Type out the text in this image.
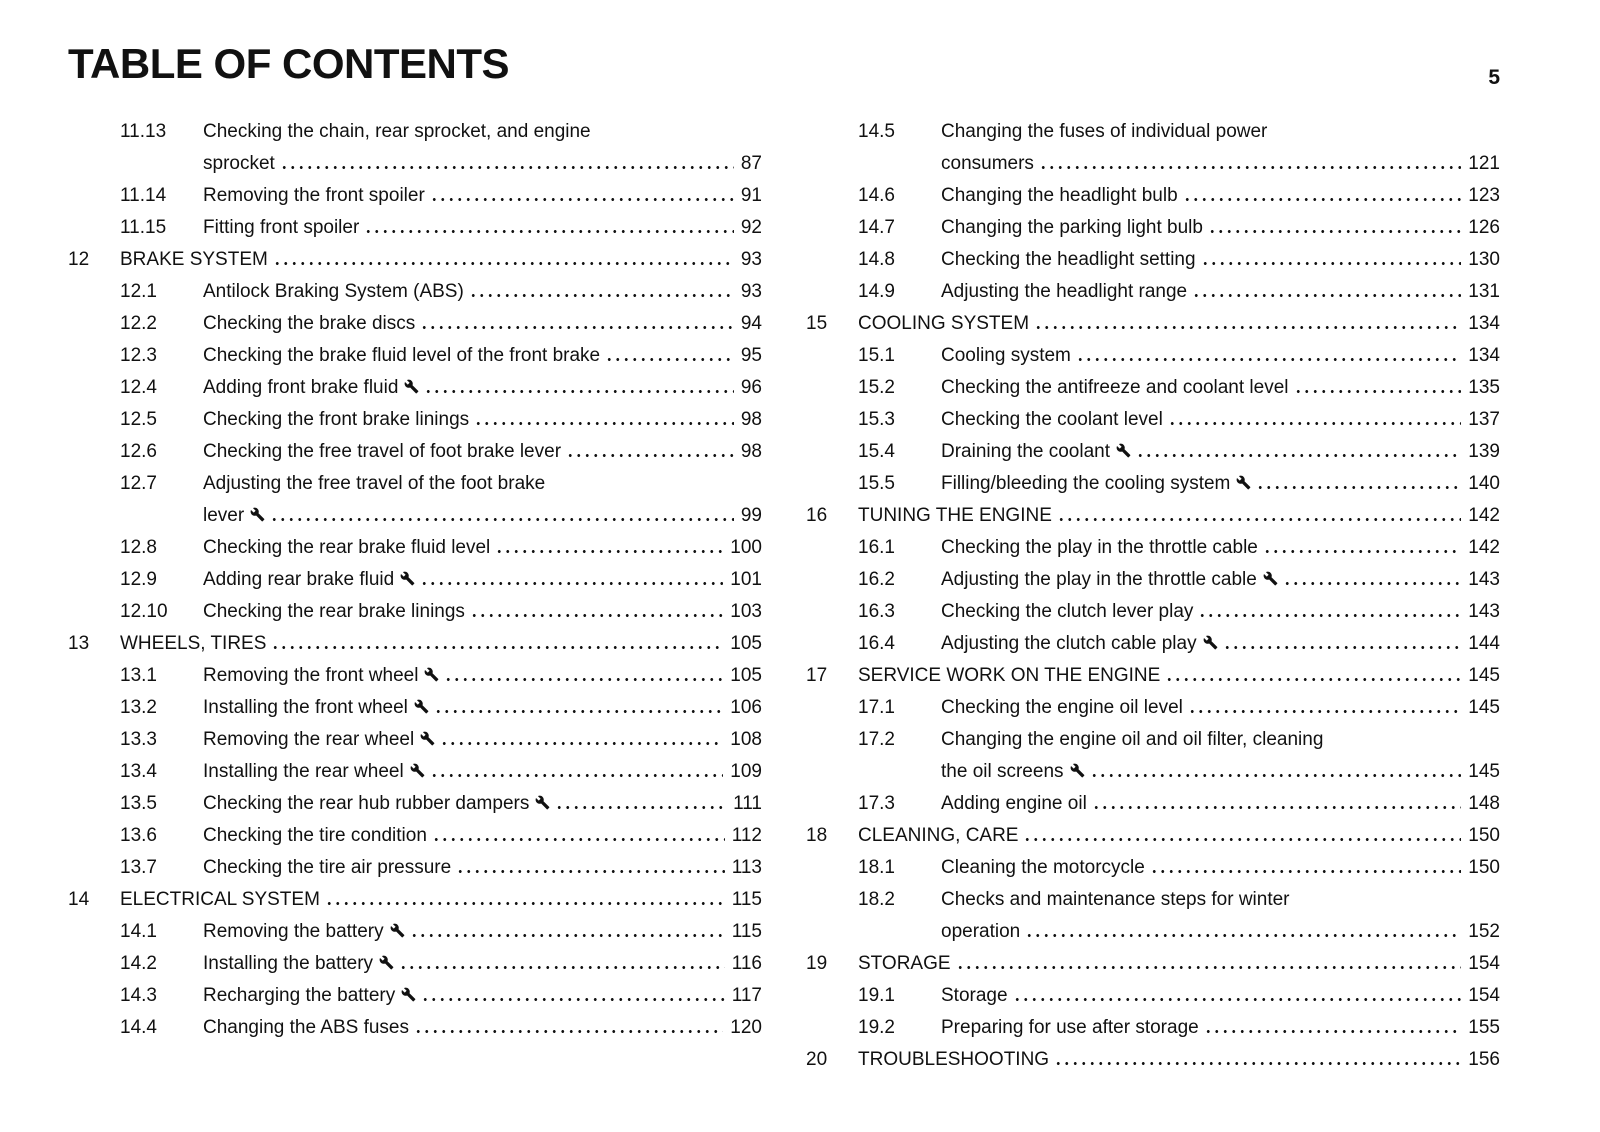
TABLE OF CONTENTS	5
11.13	Checking the chain, rear sprocket, and engine
sprocket	87
11.14	Removing the front spoiler	91
11.15	Fitting front spoiler	92
12	BRAKE SYSTEM	93
12.1	Antilock Braking System (ABS)	93
12.2	Checking the brake discs	94
12.3	Checking the brake fluid level of the front brake	95
12.4	Adding front brake fluid	96
12.5	Checking the front brake linings	98
12.6	Checking the free travel of foot brake lever	98
12.7	Adjusting the free travel of the foot brake
lever	99
12.8	Checking the rear brake fluid level	100
12.9	Adding rear brake fluid	101
12.10	Checking the rear brake linings	103
13	WHEELS, TIRES	105
13.1	Removing the front wheel	105
13.2	Installing the front wheel	106
13.3	Removing the rear wheel	108
13.4	Installing the rear wheel	109
13.5	Checking the rear hub rubber dampers	111
13.6	Checking the tire condition	112
13.7	Checking the tire air pressure	113
14	ELECTRICAL SYSTEM	115
14.1	Removing the battery	115
14.2	Installing the battery	116
14.3	Recharging the battery	117
14.4	Changing the ABS fuses	120
14.5	Changing the fuses of individual power
consumers	121
14.6	Changing the headlight bulb	123
14.7	Changing the parking light bulb	126
14.8	Checking the headlight setting	130
14.9	Adjusting the headlight range	131
15	COOLING SYSTEM	134
15.1	Cooling system	134
15.2	Checking the antifreeze and coolant level	135
15.3	Checking the coolant level	137
15.4	Draining the coolant	139
15.5	Filling/bleeding the cooling system	140
16	TUNING THE ENGINE	142
16.1	Checking the play in the throttle cable	142
16.2	Adjusting the play in the throttle cable	143
16.3	Checking the clutch lever play	143
16.4	Adjusting the clutch cable play	144
17	SERVICE WORK ON THE ENGINE	145
17.1	Checking the engine oil level	145
17.2	Changing the engine oil and oil filter, cleaning
the oil screens	145
17.3	Adding engine oil	148
18	CLEANING, CARE	150
18.1	Cleaning the motorcycle	150
18.2	Checks and maintenance steps for winter
operation	152
19	STORAGE	154
19.1	Storage	154
19.2	Preparing for use after storage	155
20	TROUBLESHOOTING	156
